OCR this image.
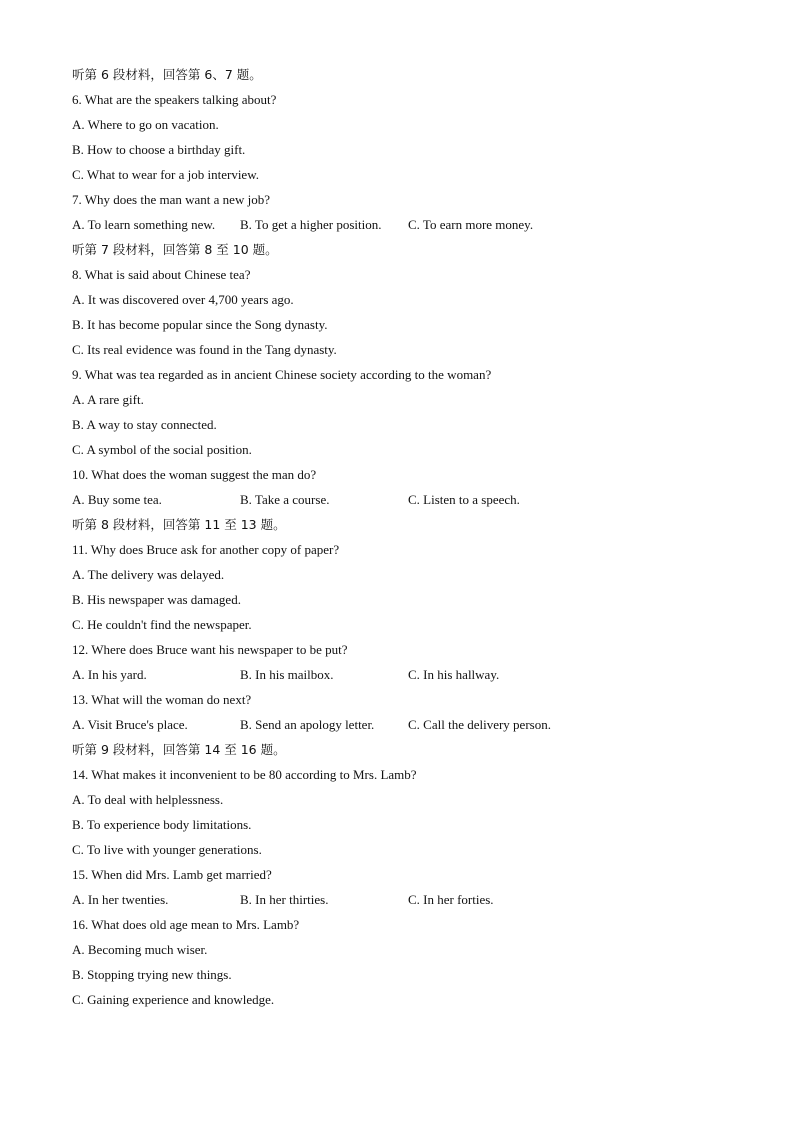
听第 6 段材料，回答第 6、7 题。
6. What are the speakers talking about?
A. Where to go on vacation.
B. How to choose a birthday gift.
C. What to wear for a job interview.
7. Why does the man want a new job?
A. To learn something new. B. To get a higher position. C. To earn more money.
听第 7 段材料，回答第 8 至 10 题。
8. What is said about Chinese tea?
A. It was discovered over 4,700 years ago.
B. It has become popular since the Song dynasty.
C. Its real evidence was found in the Tang dynasty.
9. What was tea regarded as in ancient Chinese society according to the woman?
A. A rare gift.
B. A way to stay connected.
C. A symbol of the social position.
10. What does the woman suggest the man do?
A. Buy some tea.	B. Take a course.	C. Listen to a speech.
听第 8 段材料，回答第 11 至 13 题。
11. Why does Bruce ask for another copy of paper?
A. The delivery was delayed.
B. His newspaper was damaged.
C. He couldn't find the newspaper.
12. Where does Bruce want his newspaper to be put?
A. In his yard.	B. In his mailbox.	C. In his hallway.
13. What will the woman do next?
A. Visit Bruce's place.	B. Send an apology letter.	C. Call the delivery person.
听第 9 段材料，回答第 14 至 16 题。
14. What makes it inconvenient to be 80 according to Mrs. Lamb?
A. To deal with helplessness.
B. To experience body limitations.
C. To live with younger generations.
15. When did Mrs. Lamb get married?
A. In her twenties.	B. In her thirties.	C. In her forties.
16. What does old age mean to Mrs. Lamb?
A. Becoming much wiser.
B. Stopping trying new things.
C. Gaining experience and knowledge.
